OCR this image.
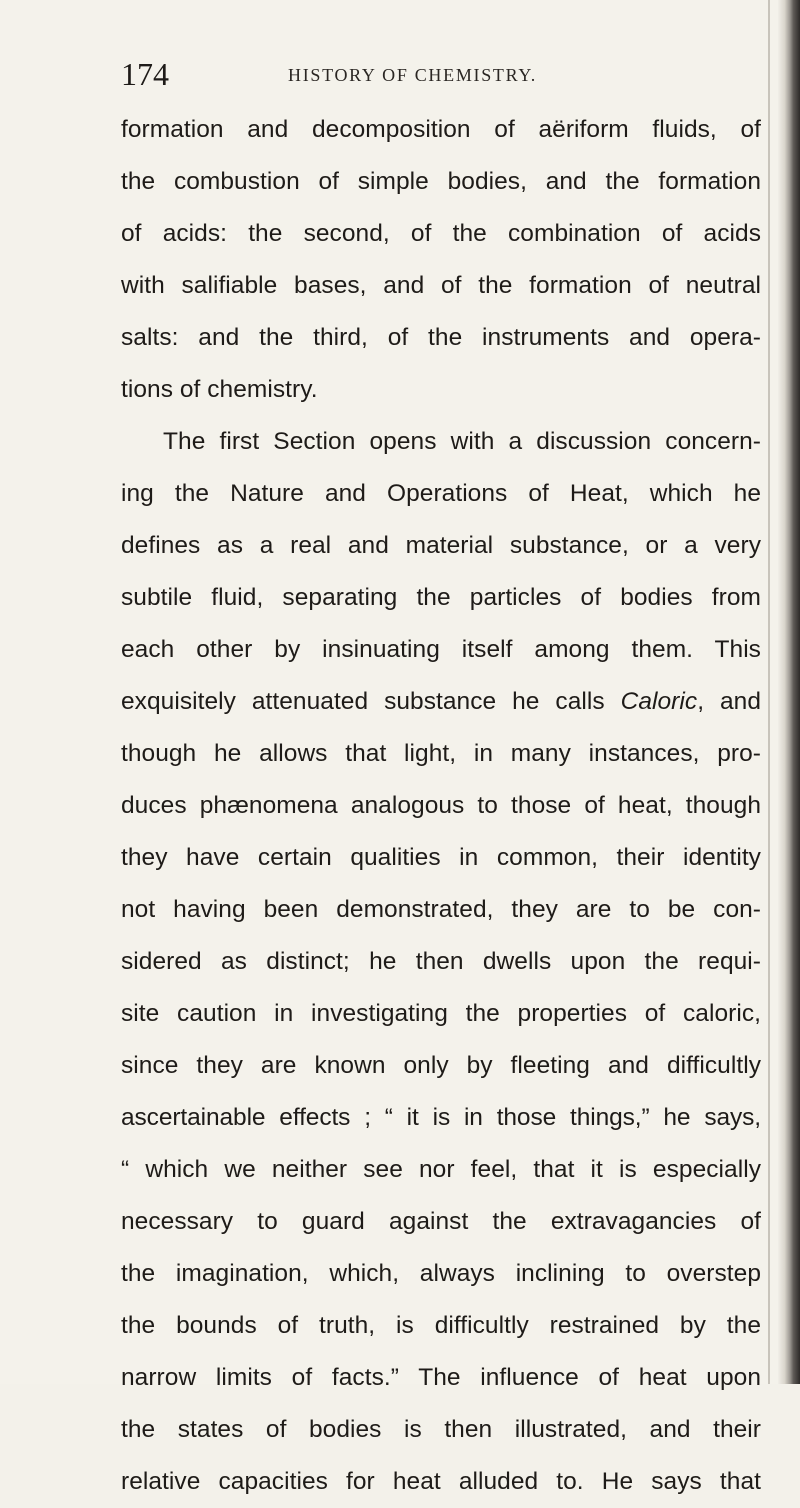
174	HISTORY OF CHEMISTRY.
formation and decomposition of aëriform fluids, of
the combustion of simple bodies, and the formation
of acids: the second, of the combination of acids
with salifiable bases, and of the formation of neutral
salts: and the third, of the instruments and opera-
tions of chemistry.
The first Section opens with a discussion concern-
ing the Nature and Operations of Heat, which he
defines as a real and material substance, or a very
subtile fluid, separating the particles of bodies from
each other by insinuating itself among them. This
exquisitely attenuated substance he calls Caloric, and
though he allows that light, in many instances, pro-
duces phænomena analogous to those of heat, though
they have certain qualities in common, their identity
not having been demonstrated, they are to be con-
sidered as distinct; he then dwells upon the requi-
site caution in investigating the properties of caloric,
since they are known only by fleeting and difficultly
ascertainable effects ; “ it is in those things,” he says,
“ which we neither see nor feel, that it is especially
necessary to guard against the extravagancies of
the imagination, which, always inclining to overstep
the bounds of truth, is difficultly restrained by the
narrow limits of facts.” The influence of heat upon
the states of bodies is then illustrated, and their
relative capacities for heat alluded to. He says that
